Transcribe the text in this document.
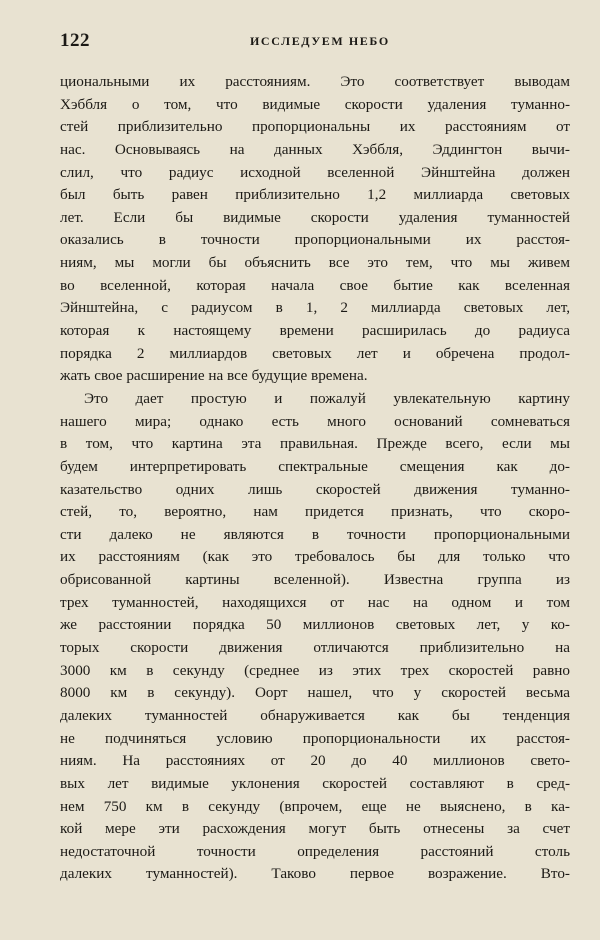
122	ИССЛЕДУЕМ НЕБО
циональными их расстояниям. Это соответствует выводам
Хэббля о том, что видимые скорости удаления туманно-
стей приблизительно пропорциональны их расстояниям от
нас. Основываясь на данных Хэббля, Эддингтон вычи-
слил, что радиус исходной вселенной Эйнштейна должен
был быть равен приблизительно 1,2 миллиарда световых
лет. Если бы видимые скорости удаления туманностей
оказались в точности пропорциональными их расстоя-
ниям, мы могли бы объяснить все это тем, что мы живем
во вселенной, которая начала свое бытие как вселенная
Эйнштейна, с радиусом в 1, 2 миллиарда световых лет,
которая к настоящему времени расширилась до радиуса
порядка 2 миллиардов световых лет и обречена продол-
жать свое расширение на все будущие времена.
Это дает простую и пожалуй увлекательную картину
нашего мира; однако есть много оснований сомневаться
в том, что картина эта правильная. Прежде всего, если мы
будем интерпретировать спектральные смещения как до-
казательство одних лишь скоростей движения туманно-
стей, то, вероятно, нам придется признать, что скоро-
сти далеко не являются в точности пропорциональными
их расстояниям (как это требовалось бы для только что
обрисованной картины вселенной). Известна группа из
трех туманностей, находящихся от нас на одном и том
же расстоянии порядка 50 миллионов световых лет, у ко-
торых скорости движения отличаются приблизительно на
3000 км в секунду (среднее из этих трех скоростей равно
8000 км в секунду). Оорт нашел, что у скоростей весьма
далеких туманностей обнаруживается как бы тенденция
не подчиняться условию пропорциональности их расстоя-
ниям. На расстояниях от 20 до 40 миллионов свето-
вых лет видимые уклонения скоростей составляют в сред-
нем 750 км в секунду (впрочем, еще не выяснено, в ка-
кой мере эти расхождения могут быть отнесены за счет
недостаточной точности определения расстояний столь
далеких туманностей). Таково первое возражение. Вто-
